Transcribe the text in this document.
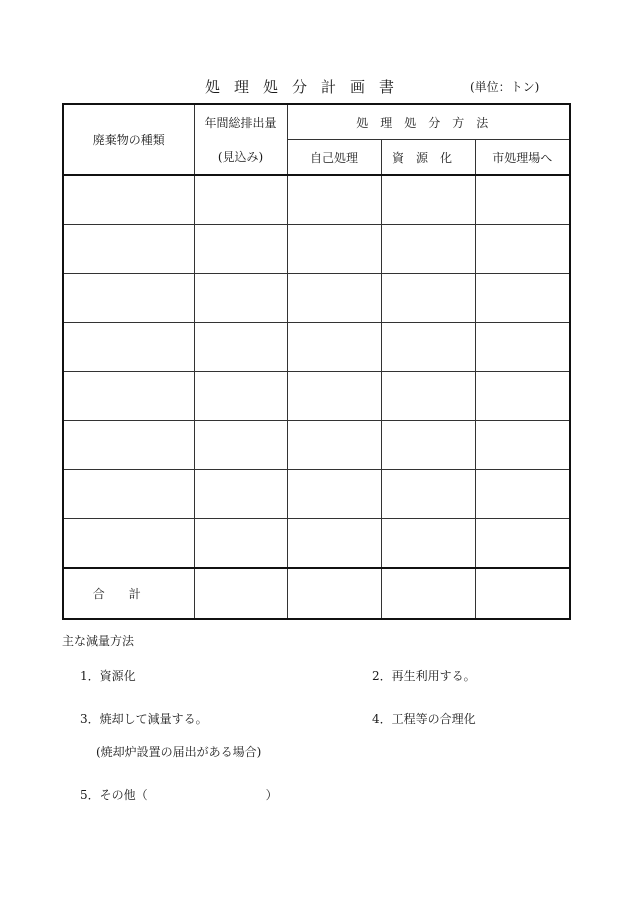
処理処分計画書	(単位：トン)
廃棄物の種類	年間総排出量	処理処分方法		
	(見込み)	自己処理	資源化	市処理場へ

合計				
主な減量方法
1．資源化	2．再生利用する。
3．焼却して減量する。	4．工程等の合理化
(焼却炉設置の届出がある場合)
5．その他（	）
